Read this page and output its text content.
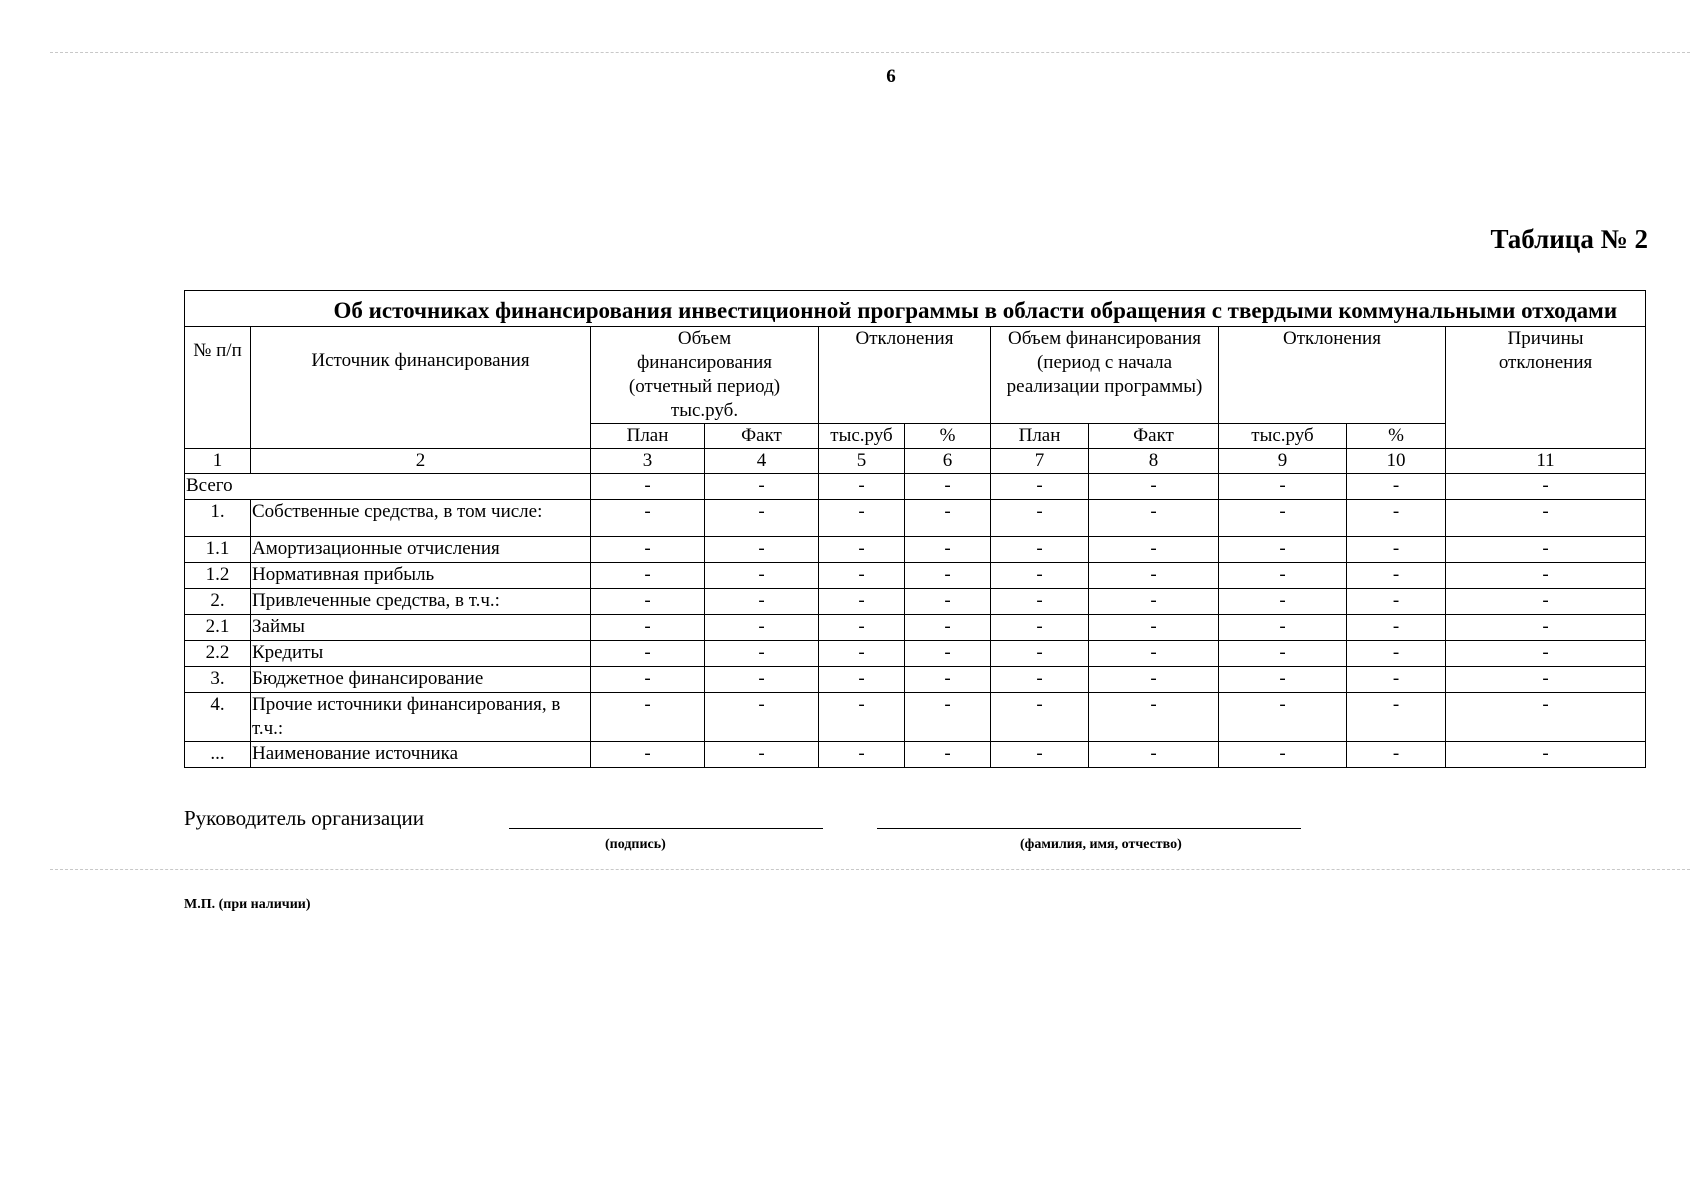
6
Таблица № 2
Об источниках финансирования инвестиционной программы в области обращения с твердыми коммунальными отходами										
№ п/п	Источник финансирования	Объем финансирования (отчетный период) тыс.руб.		Отклонения		Объем финансирования (период с начала реализации программы)		Отклонения		Причины отклонения
		План	Факт	тыс.руб	%	План	Факт	тыс.руб	%	
1	2	3	4	5	6	7	8	9	10	11
Всего		-	-	-	-	-	-	-	-	-
1.	Собственные средства, в том числе:	-	-	-	-	-	-	-	-	-
1.1	Амортизационные отчисления	-	-	-	-	-	-	-	-	-
1.2	Нормативная прибыль	-	-	-	-	-	-	-	-	-
2.	Привлеченные средства, в т.ч.:	-	-	-	-	-	-	-	-	-
2.1	Займы	-	-	-	-	-	-	-	-	-
2.2	Кредиты	-	-	-	-	-	-	-	-	-
3.	Бюджетное финансирование	-	-	-	-	-	-	-	-	-
4.	Прочие источники финансирования, в т.ч.:	-	-	-	-	-	-	-	-	-
...	Наименование источника	-	-	-	-	-	-	-	-	-
Руководитель организации
(подпись)	(фамилия, имя, отчество)
М.П. (при наличии)
